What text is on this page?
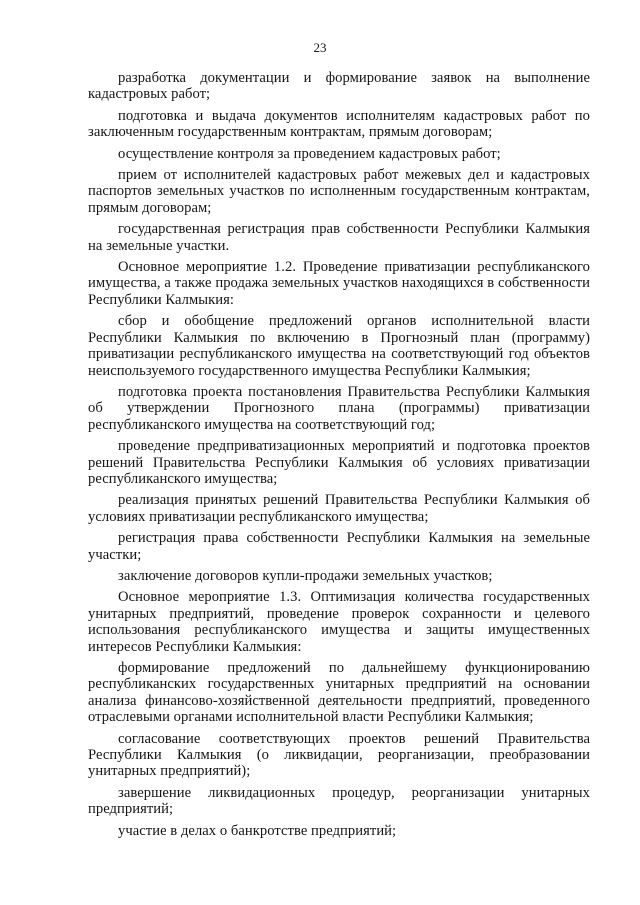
23

разработка документации и формирование заявок на выполнение кадастровых работ;

подготовка и выдача документов исполнителям кадастровых работ по заключенным государственным контрактам, прямым договорам;

осуществление контроля за проведением кадастровых работ;

прием от исполнителей кадастровых работ межевых дел и кадастровых паспортов земельных участков по исполненным государственным контрактам, прямым договорам;

государственная регистрация прав собственности Республики Калмыкия на земельные участки.

Основное мероприятие 1.2. Проведение приватизации республиканского имущества, а также продажа земельных участков находящихся в собственности Республики Калмыкия:

сбор и обобщение предложений органов исполнительной власти Республики Калмыкия по включению в Прогнозный план (программу) приватизации республиканского имущества на соответствующий год объектов неиспользуемого государственного имущества Республики Калмыкия;

подготовка проекта постановления Правительства Республики Калмыкия об утверждении Прогнозного плана (программы) приватизации республиканского имущества на соответствующий год;

проведение предприватизационных мероприятий и подготовка проектов решений Правительства Республики Калмыкия об условиях приватизации республиканского имущества;

реализация принятых решений Правительства Республики Калмыкия об условиях приватизации республиканского имущества;

регистрация права собственности Республики Калмыкия на земельные участки;

заключение договоров купли-продажи земельных участков;

Основное мероприятие 1.3. Оптимизация количества государственных унитарных предприятий, проведение проверок сохранности и целевого использования республиканского имущества и защиты имущественных интересов Республики Калмыкия:

формирование предложений по дальнейшему функционированию республиканских государственных унитарных предприятий на основании анализа финансово-хозяйственной деятельности предприятий, проведенного отраслевыми органами исполнительной власти Республики Калмыкия;

согласование соответствующих проектов решений Правительства Республики Калмыкия (о ликвидации, реорганизации, преобразовании унитарных предприятий);

завершение ликвидационных процедур, реорганизации унитарных предприятий;

участие в делах о банкротстве предприятий;
